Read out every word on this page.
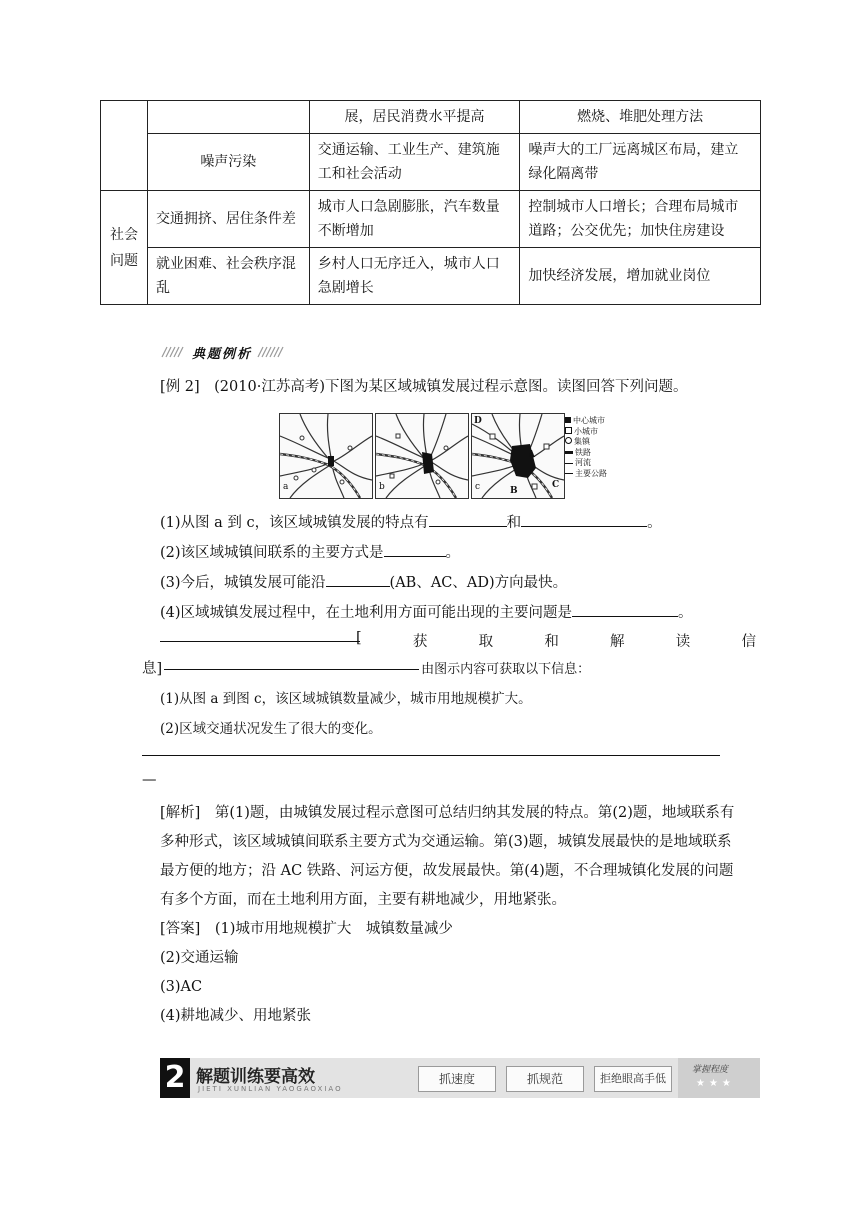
		展，居民消费水平提高	燃烧、堆肥处理方法
	噪声污染	交通运输、工业生产、建筑施工和社会活动	噪声大的工厂远离城区布局，建立绿化隔离带
社会问题	交通拥挤、居住条件差	城市人口急剧膨胀，汽车数量不断增加	控制城市人口增长；合理布局城市道路；公交优先；加快住房建设
	就业困难、社会秩序混乱	乡村人口无序迁入，城市人口急剧增长	加快经济发展，增加就业岗位
典题例析
[例 2]　(2010·江苏高考)下图为某区域城镇发展过程示意图。读图回答下列问题。
a	b	c
A
B
C
D	中心城市
小城市
集镇
铁路
河流
主要公路
(1)从图 a 到 c，该区域城镇发展的特点有	和	。
(2)该区域城镇间联系的主要方式是	。
(3)今后，城镇发展可能沿	(AB、AC、AD)方向最快。
(4)区域城镇发展过程中，在土地利用方面可能出现的主要问题是	。
[	获	取	和	解	读	信
息]	由图示内容可获取以下信息：
(1)从图 a 到图 c，该区域城镇数量减少，城市用地规模扩大。
(2)区域交通状况发生了很大的变化。
—
[解析]　 第(1)题，由城镇发展过程示意图可总结归纳其发展的特点。第(2)题，地域联系有多种形式，该区域城镇间联系主要方式为交通运输。第(3)题，城镇发展最快的是地域联系最方便的地方；沿 AC 铁路、河运方便，故发展最快。第(4)题，不合理城镇化发展的问题有多个方面，而在土地利用方面，主要有耕地减少，用地紧张。
[答案]　 (1)城市用地规模扩大　城镇数量减少
(2)交通运输
(3)AC
(4)耕地减少、用地紧张
2 解题训练要高效
JIETI XUNLIAN YAOGAOXIAO
抓速度	抓规范	拒绝眼高手低
掌握程度
★★★
